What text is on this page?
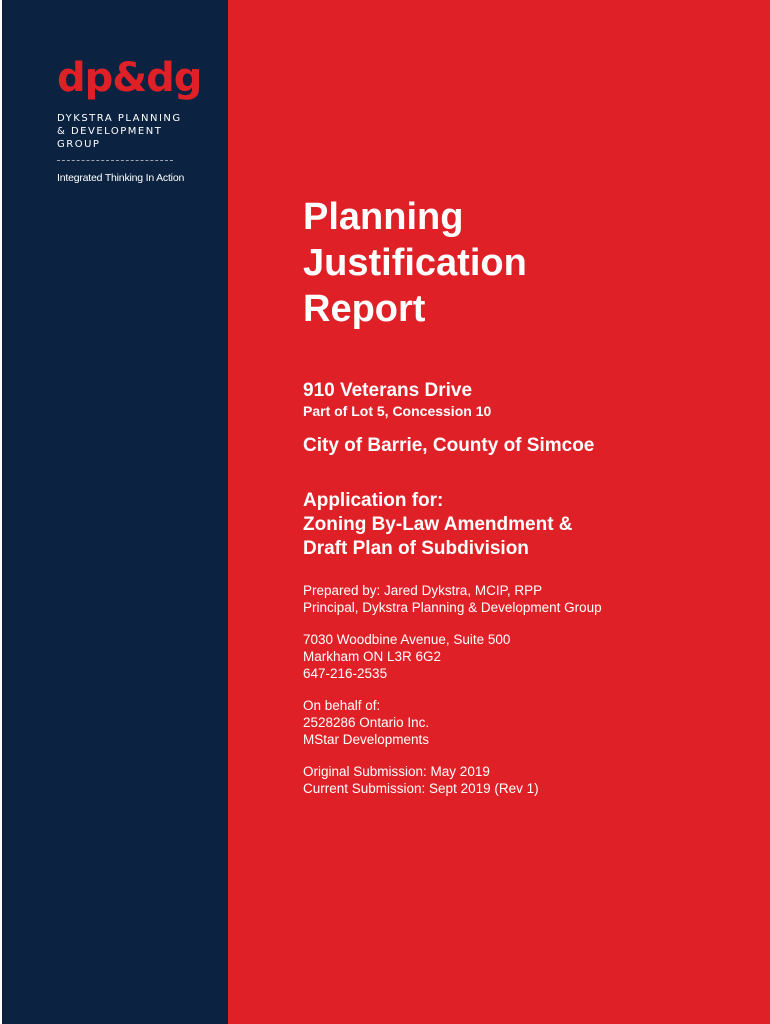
dp&dg
DYKSTRA PLANNING
& DEVELOPMENT
GROUP
Integrated Thinking In Action
Planning
Justification
Report
910 Veterans Drive
Part of Lot 5, Concession 10
City of Barrie, County of Simcoe
Application for:
Zoning By-Law Amendment &
Draft Plan of Subdivision
Prepared by: Jared Dykstra, MCIP, RPP
Principal, Dykstra Planning & Development Group
7030 Woodbine Avenue, Suite 500
Markham ON L3R 6G2
647-216-2535
On behalf of:
2528286 Ontario Inc.
MStar Developments
Original Submission: May 2019
Current Submission: Sept 2019 (Rev 1)
